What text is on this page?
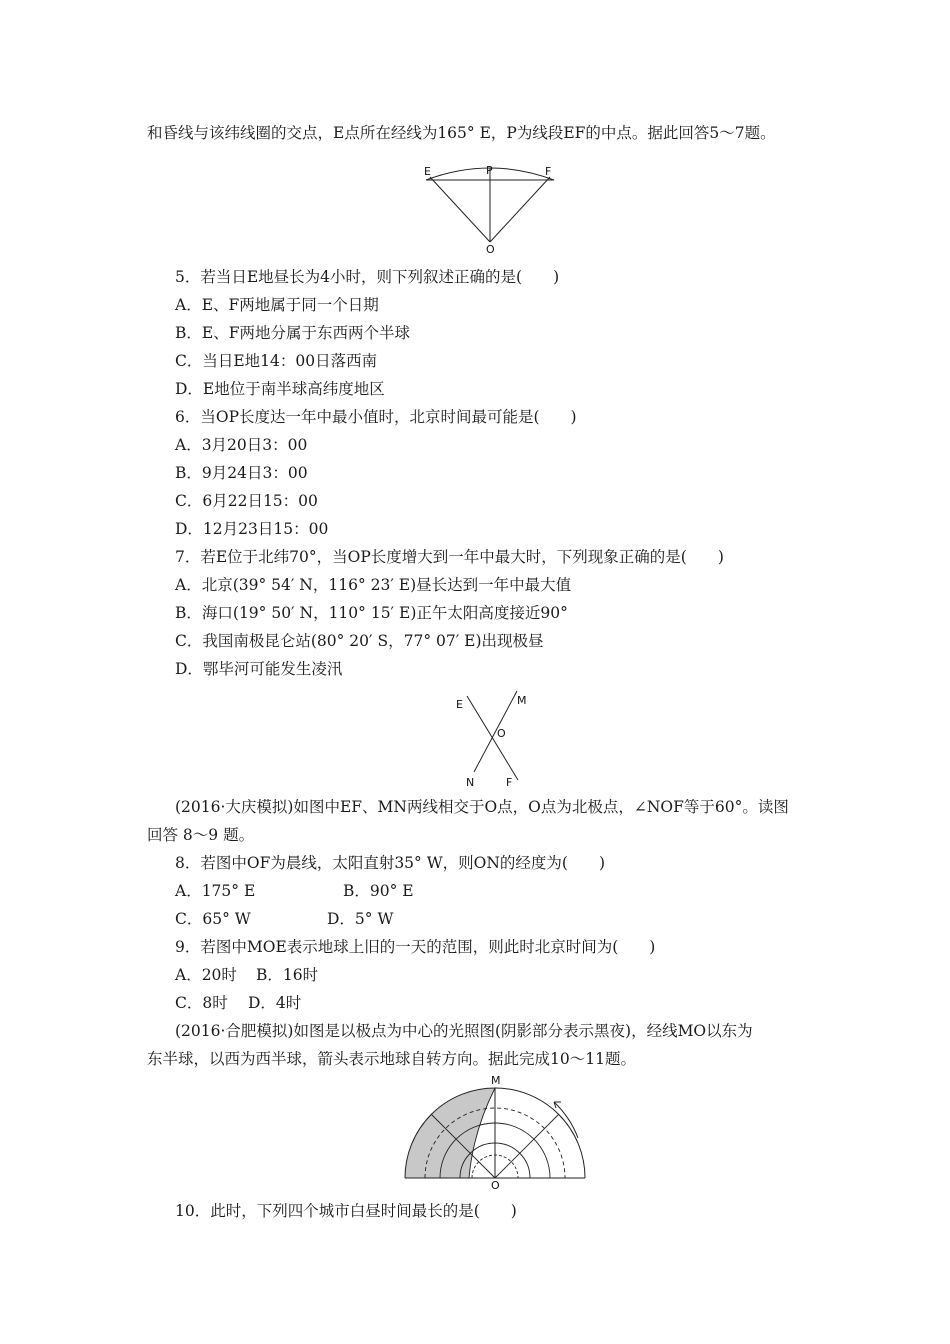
和昏线与该纬线圈的交点，E点所在经线为165° E，P为线段EF的中点。据此回答5～7题。
E	P	F
O
5．若当日E地昼长为4小时，则下列叙述正确的是(　　)
A．E、F两地属于同一个日期
B．E、F两地分属于东西两个半球
C．当日E地14：00日落西南
D．E地位于南半球高纬度地区
6．当OP长度达一年中最小值时，北京时间最可能是(　　)
A．3月20日3：00
B．9月24日3：00
C．6月22日15：00
D．12月23日15：00
7．若E位于北纬70°，当OP长度增大到一年中最大时，下列现象正确的是(　　)
A．北京(39° 54′ N，116° 23′ E)昼长达到一年中最大值
B．海口(19° 50′ N，110° 15′ E)正午太阳高度接近90°
C．我国南极昆仑站(80° 20′ S，77° 07′ E)出现极昼
D．鄂毕河可能发生凌汛
E	M
O
N	F
(2016·大庆模拟)如图中EF、MN两线相交于O点，O点为北极点，∠NOF等于60°。读图
回答 8～9 题。
8．若图中OF为晨线，太阳直射35° W，则ON的经度为(　　)
A．175° E	B．90° E
C．65° W	D．5° W
9．若图中MOE表示地球上旧的一天的范围，则此时北京时间为(　　)
A．20时 B．16时
C．8时 D．4时
(2016·合肥模拟)如图是以极点为中心的光照图(阴影部分表示黑夜)，经线MO以东为
东半球，以西为西半球，箭头表示地球自转方向。据此完成10～11题。
M
O
10．此时，下列四个城市白昼时间最长的是(　　)
